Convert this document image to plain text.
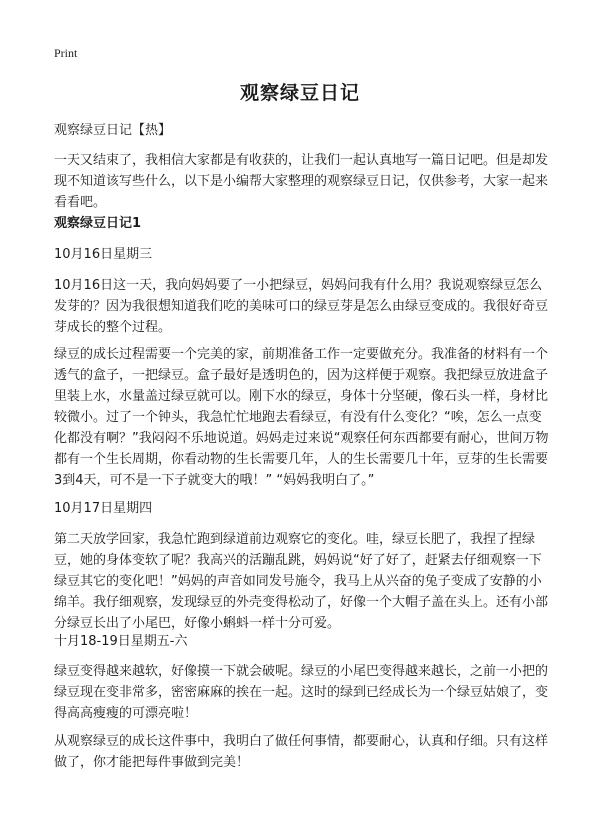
Print
观察绿豆日记

观察绿豆日记【热】

一天又结束了，我相信大家都是有收获的，让我们一起认真地写一篇日记吧。但是却发现不知道该写些什么，以下是小编帮大家整理的观察绿豆日记，仅供参考，大家一起来看看吧。

观察绿豆日记1

10月16日星期三

10月16日这一天，我向妈妈要了一小把绿豆，妈妈问我有什么用？我说观察绿豆怎么发芽的？因为我很想知道我们吃的美味可口的绿豆芽是怎么由绿豆变成的。我很好奇豆芽成长的整个过程。

绿豆的成长过程需要一个完美的家，前期准备工作一定要做充分。我准备的材料有一个透气的盒子，一把绿豆。盒子最好是透明色的，因为这样便于观察。我把绿豆放进盒子里装上水，水量盖过绿豆就可以。刚下水的绿豆，身体十分坚硬，像石头一样，身材比较微小。过了一个钟头，我急忙忙地跑去看绿豆，有没有什么变化？“唉，怎么一点变化都没有啊？”我闷闷不乐地说道。妈妈走过来说“观察任何东西都要有耐心，世间万物都有一个生长周期，你看动物的生长需要几年，人的生长需要几十年，豆芽的生长需要3到4天，可不是一下子就变大的哦！” “妈妈我明白了。”

10月17日星期四

第二天放学回家，我急忙跑到绿道前边观察它的变化。哇，绿豆长肥了，我捏了捏绿豆，她的身体变软了呢？我高兴的活蹦乱跳，妈妈说“好了好了，赶紧去仔细观察一下绿豆其它的变化吧！”妈妈的声音如同发号施令，我马上从兴奋的兔子变成了安静的小绵羊。我仔细观察，发现绿豆的外壳变得松动了，好像一个大帽子盖在头上。还有小部分绿豆长出了小尾巴，好像小蝌蚪一样十分可爱。

十月18-19日星期五-六

绿豆变得越来越软，好像摸一下就会破呢。绿豆的小尾巴变得越来越长，之前一小把的绿豆现在变非常多，密密麻麻的挨在一起。这时的绿到已经成长为一个绿豆姑娘了，变得高高瘦瘦的可漂亮啦！

从观察绿豆的成长这件事中，我明白了做任何事情，都要耐心，认真和仔细。只有这样做了，你才能把每件事做到完美！
